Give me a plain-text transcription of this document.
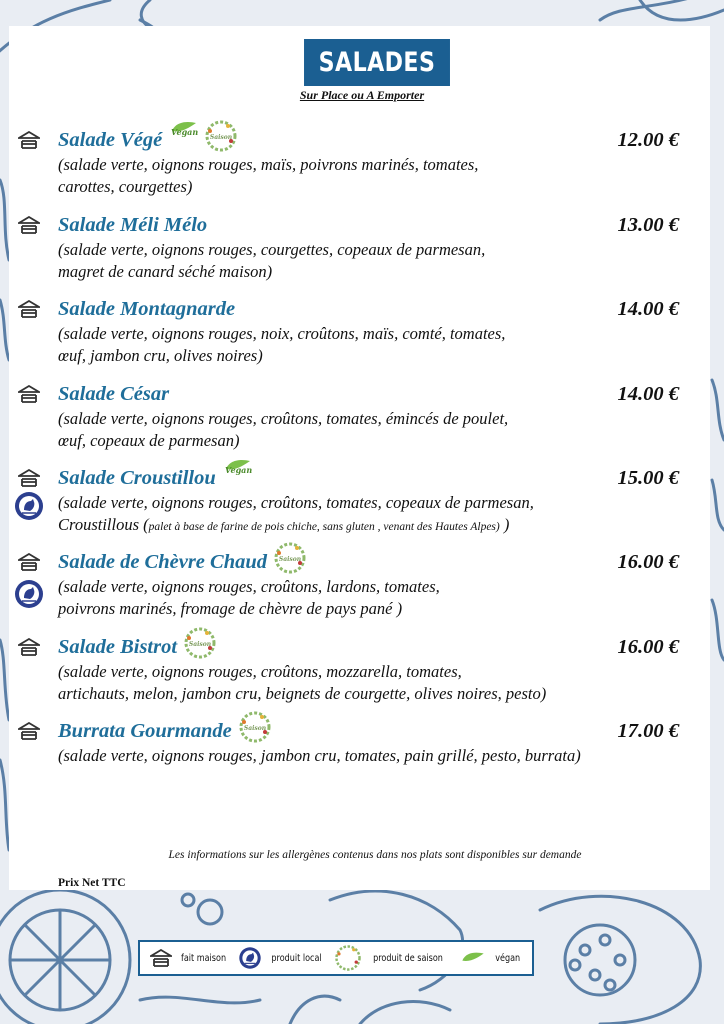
SALADES
Sur Place ou A Emporter
Salade Végé Vegan
Saison	12.00 €
(salade verte, oignons rouges, maïs, poivrons marinés, tomates,
carottes, courgettes)
Salade Méli Mélo	13.00 €
(salade verte, oignons rouges, courgettes, copeaux de parmesan,
magret de canard séché maison)
Salade Montagnarde	14.00 €
(salade verte, oignons rouges, noix, croûtons, maïs, comté, tomates,
œuf, jambon cru, olives noires)
Salade César	14.00 €
(salade verte, oignons rouges, croûtons, tomates, émincés de poulet,
œuf, copeaux de parmesan)
Salade Croustillou Vegan	15.00 €
(salade verte, oignons rouges, croûtons, tomates, copeaux de parmesan,
Croustillous (palet à base de farine de pois chiche, sans gluten , venant des Hautes Alpes) )
Salade de Chèvre Chaud Saison	16.00 €
(salade verte, oignons rouges, croûtons, lardons, tomates,
poivrons marinés, fromage de chèvre de pays pané )
Salade Bistrot Saison	16.00 €
(salade verte, oignons rouges, croûtons, mozzarella, tomates,
artichauts, melon, jambon cru, beignets de courgette, olives noires, pesto)
Burrata Gourmande Saison	17.00 €
(salade verte, oignons rouges, jambon cru, tomates, pain grillé, pesto, burrata)
Les informations sur les allergènes contenus dans nos plats sont disponibles sur demande
Prix Net TTC
fait maison	produit local	produit de saison	végan
